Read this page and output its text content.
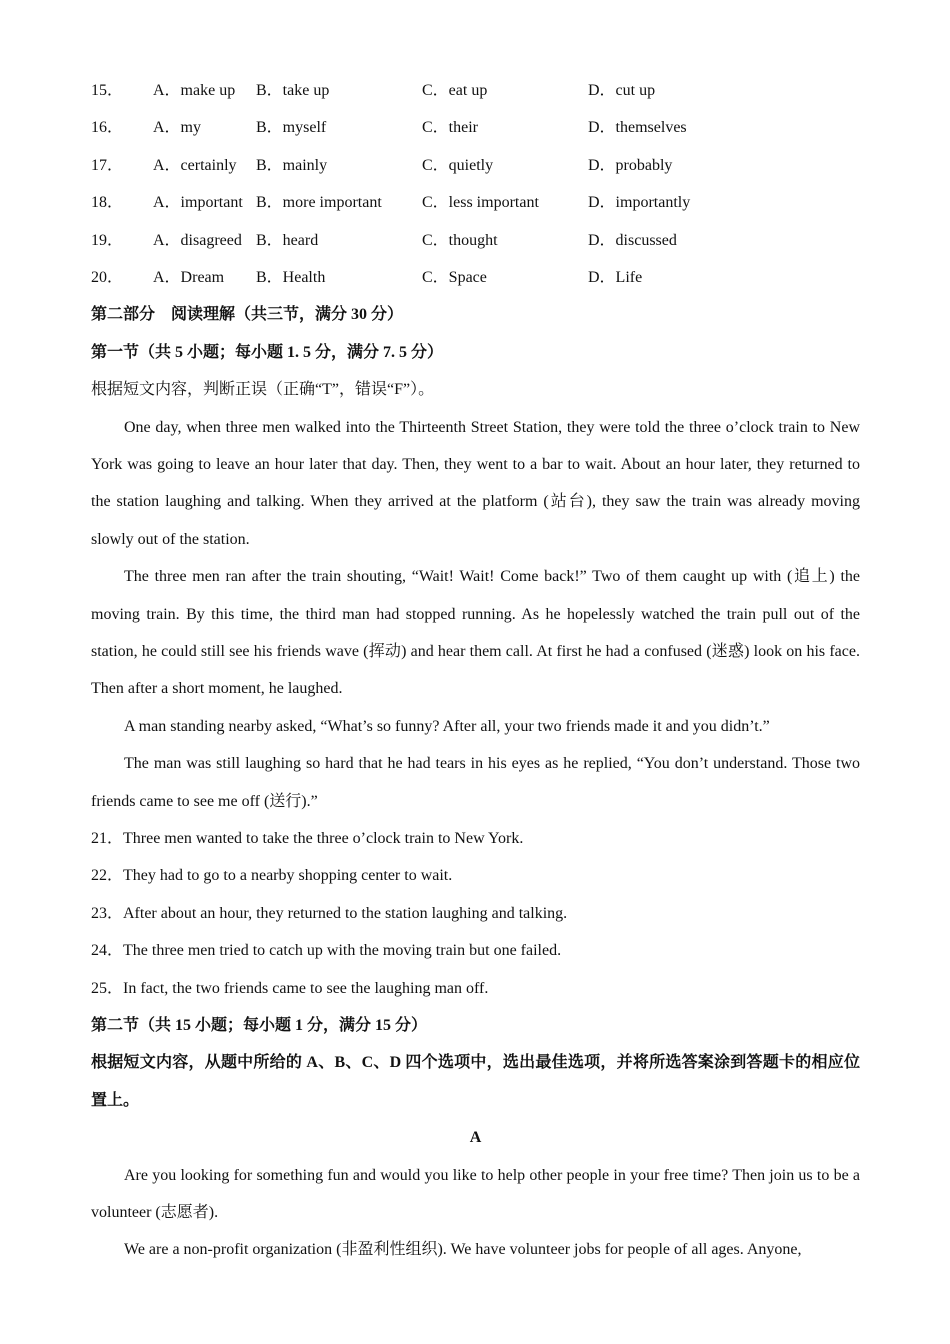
15． A．make up B．take up	C．eat up	D．cut up
16． A．my	B．myself	C．their	D．themselves
17． A．certainly B．mainly	C．quietly	D．probably
18． A．important B．more important	C．less important	D．importantly
19． A．disagreed B．heard	C．thought	D．discussed
20． A．Dream B．Health	C．Space	D．Life
第二部分　阅读理解（共三节，满分 30 分）
第一节（共 5 小题；每小题 1. 5 分，满分 7. 5 分）
根据短文内容，判断正误（正确“T”，错误“F”）。

One day, when three men walked into the Thirteenth Street Station, they were told the three o’clock train to New York was going to leave an hour later that day. Then, they went to a bar to wait. About an hour later, they returned to the station laughing and talking. When they arrived at the platform (站台), they saw the train was already moving slowly out of the station.

The three men ran after the train shouting, “Wait! Wait! Come back!” Two of them caught up with (追上) the moving train. By this time, the third man had stopped running. As he hopelessly watched the train pull out of the station, he could still see his friends wave (挥动) and hear them call. At first he had a confused (迷惑) look on his face. Then after a short moment, he laughed.

A man standing nearby asked, “What’s so funny? After all, your two friends made it and you didn’t.”

The man was still laughing so hard that he had tears in his eyes as he replied, “You don’t understand. Those two friends came to see me off (送行).”

21．Three men wanted to take the three o’clock train to New York.
22．They had to go to a nearby shopping center to wait.
23．After about an hour, they returned to the station laughing and talking.
24．The three men tried to catch up with the moving train but one failed.
25．In fact, the two friends came to see the laughing man off.
第二节（共 15 小题；每小题 1 分，满分 15 分）

根据短文内容，从题中所给的 A、B、C、D 四个选项中，选出最佳选项，并将所选答案涂到答题卡的相应位置上。

A

Are you looking for something fun and would you like to help other people in your free time? Then join us to be a volunteer (志愿者).

We are a non-profit organization (非盈利性组织). We have volunteer jobs for people of all ages. Anyone,
